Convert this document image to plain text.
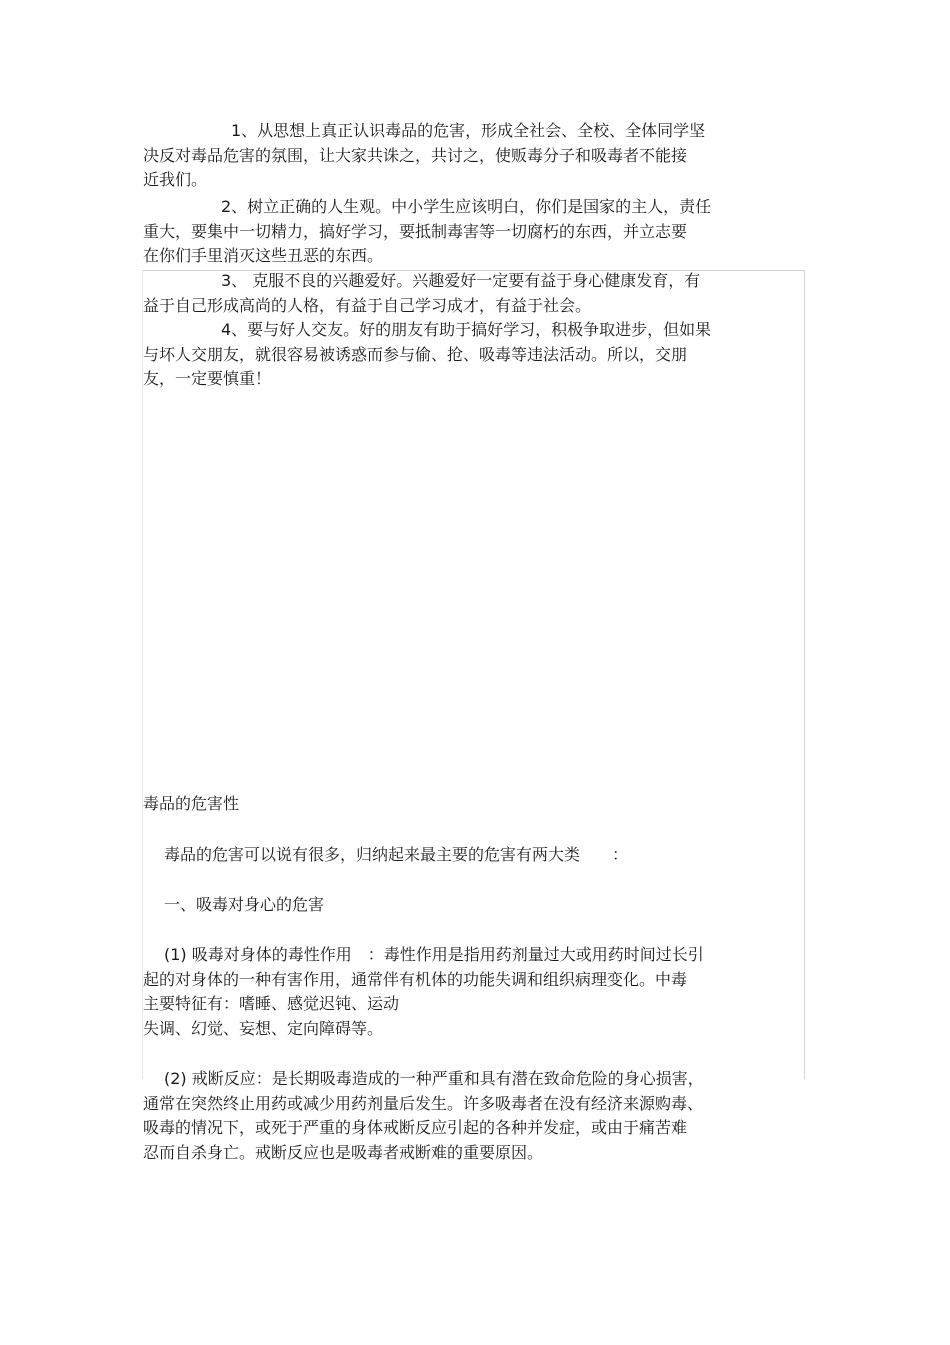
1、从思想上真正认识毒品的危害，形成全社会、全校、全体同学坚
决反对毒品危害的氛围，让大家共诛之，共讨之，使贩毒分子和吸毒者不能接
近我们。

2、树立正确的人生观。中小学生应该明白，你们是国家的主人，责任
重大，要集中一切精力，搞好学习，要抵制毒害等一切腐朽的东西，并立志要
在你们手里消灭这些丑恶的东西。

3、 克服不良的兴趣爱好。兴趣爱好一定要有益于身心健康发育，有
益于自己形成高尚的人格，有益于自己学习成才，有益于社会。

4、要与好人交友。好的朋友有助于搞好学习，积极争取进步，但如果
与坏人交朋友，就很容易被诱惑而参与偷、抢、吸毒等违法活动。所以，交朋
友，一定要慎重！

毒品的危害性

毒品的危害可以说有很多，归纳起来最主要的危害有两大类　　：

一、吸毒对身心的危害

(1) 吸毒对身体的毒性作用　：毒性作用是指用药剂量过大或用药时间过长引
起的对身体的一种有害作用，通常伴有机体的功能失调和组织病理变化。中毒
主要特征有：嗜睡、感觉迟钝、运动
失调、幻觉、妄想、定向障碍等。

(2) 戒断反应：是长期吸毒造成的一种严重和具有潜在致命危险的身心损害，
通常在突然终止用药或减少用药剂量后发生。许多吸毒者在没有经济来源购毒、
吸毒的情况下，或死于严重的身体戒断反应引起的各种并发症，或由于痛苦难
忍而自杀身亡。戒断反应也是吸毒者戒断难的重要原因。
